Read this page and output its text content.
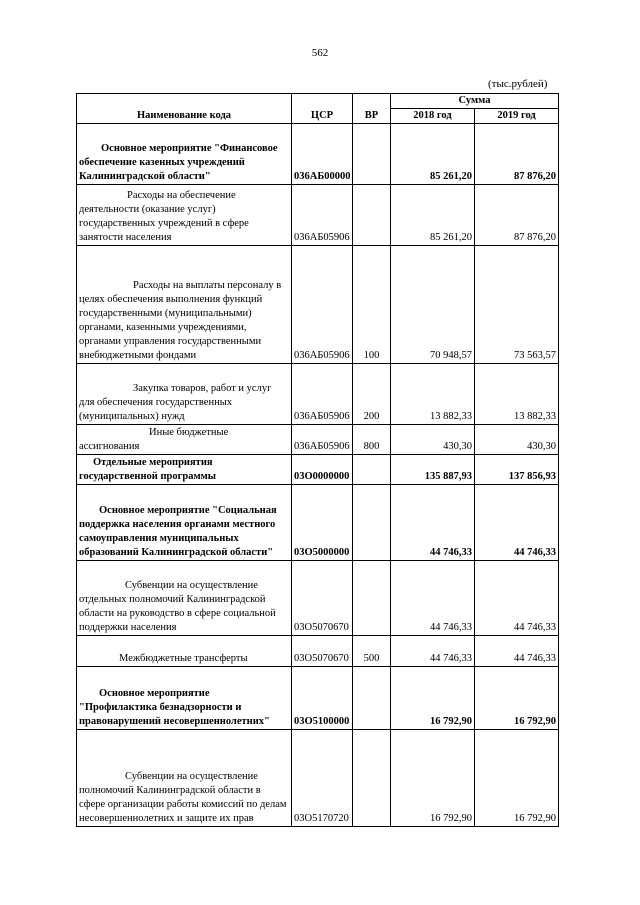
562
(тыс.рублей)
Наименование кода	ЦСР	ВР	Сумма	
			2018 год	2019 год
Основное мероприятие "Финансовое обеспечение казенных учреждений Калининградской области"	036АБ00000		85 261,20	87 876,20
Расходы на обеспечение деятельности (оказание услуг) государственных учреждений в сфере занятости населения	036АБ05906		85 261,20	87 876,20
Расходы на выплаты персоналу в целях обеспечения выполнения функций государственными (муниципальными) органами, казенными учреждениями, органами управления государственными внебюджетными фондами	036АБ05906	100	70 948,57	73 563,57
Закупка товаров, работ и услуг для обеспечения государственных (муниципальных) нужд	036АБ05906	200	13 882,33	13 882,33
Иные бюджетные ассигнования	036АБ05906	800	430,30	430,30
Отдельные мероприятия государственной программы	03О0000000		135 887,93	137 856,93
Основное мероприятие "Социальная поддержка населения органами местного самоуправления муниципальных образований Калининградской области"	03О5000000		44 746,33	44 746,33
Субвенции на осуществление отдельных полномочий Калининградской области на руководство в сфере социальной поддержки населения	03О5070670		44 746,33	44 746,33
Межбюджетные трансферты	03О5070670	500	44 746,33	44 746,33
Основное мероприятие "Профилактика безнадзорности и правонарушений несовершеннолетних"	03О5100000		16 792,90	16 792,90
Субвенции на осуществление полномочий Калининградской области в сфере организации работы комиссий по делам несовершеннолетних и защите их прав	03О5170720		16 792,90	16 792,90
